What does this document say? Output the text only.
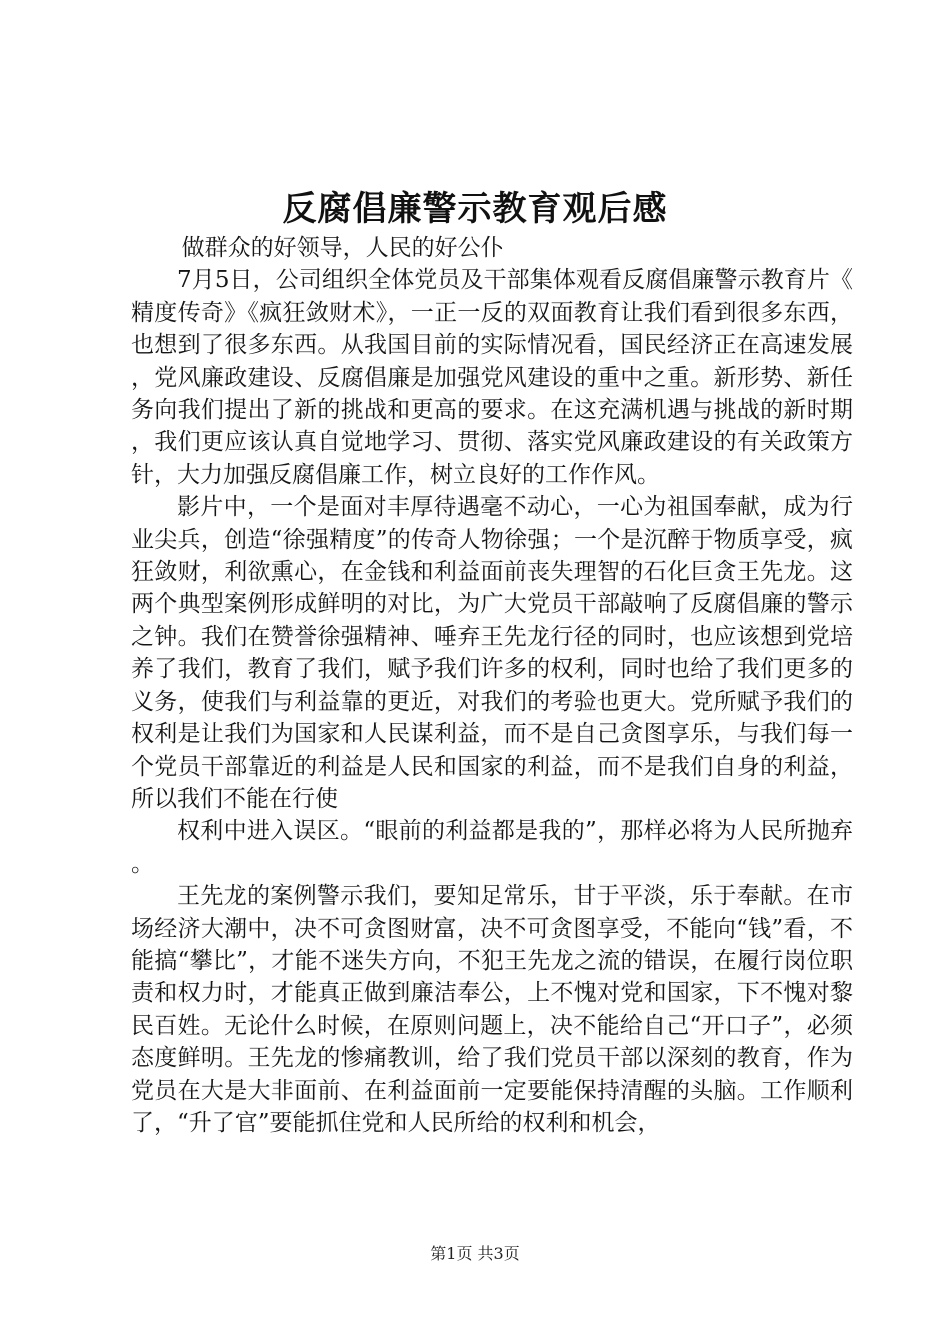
反腐倡廉警示教育观后感

做群众的好领导，人民的好公仆

7月5日，公司组织全体党员及干部集体观看反腐倡廉警示教育片《精度传奇》《疯狂敛财术》，一正一反的双面教育让我们看到很多东西，也想到了很多东西。从我国目前的实际情况看，国民经济正在高速发展，党风廉政建设、反腐倡廉是加强党风建设的重中之重。新形势、新任务向我们提出了新的挑战和更高的要求。在这充满机遇与挑战的新时期，我们更应该认真自觉地学习、贯彻、落实党风廉政建设的有关政策方针，大力加强反腐倡廉工作，树立良好的工作作风。

影片中，一个是面对丰厚待遇毫不动心，一心为祖国奉献，成为行业尖兵，创造“徐强精度”的传奇人物徐强；一个是沉醉于物质享受，疯狂敛财，利欲熏心，在金钱和利益面前丧失理智的石化巨贪王先龙。这两个典型案例形成鲜明的对比，为广大党员干部敲响了反腐倡廉的警示之钟。我们在赞誉徐强精神、唾弃王先龙行径的同时，也应该想到党培养了我们，教育了我们，赋予我们许多的权利，同时也给了我们更多的义务，使我们与利益靠的更近，对我们的考验也更大。党所赋予我们的权利是让我们为国家和人民谋利益，而不是自己贪图享乐，与我们每一个党员干部靠近的利益是人民和国家的利益，而不是我们自身的利益，所以我们不能在行使

权利中进入误区。“眼前的利益都是我的”，那样必将为人民所抛弃。

王先龙的案例警示我们，要知足常乐，甘于平淡，乐于奉献。在市场经济大潮中，决不可贪图财富，决不可贪图享受，不能向“钱”看，不能搞“攀比”，才能不迷失方向，不犯王先龙之流的错误，在履行岗位职责和权力时，才能真正做到廉洁奉公，上不愧对党和国家，下不愧对黎民百姓。无论什么时候，在原则问题上，决不能给自己“开口子”，必须态度鲜明。王先龙的惨痛教训，给了我们党员干部以深刻的教育，作为党员在大是大非面前、在利益面前一定要能保持清醒的头脑。工作顺利了，“升了官”要能抓住党和人民所给的权利和机会，

第1页 共3页
